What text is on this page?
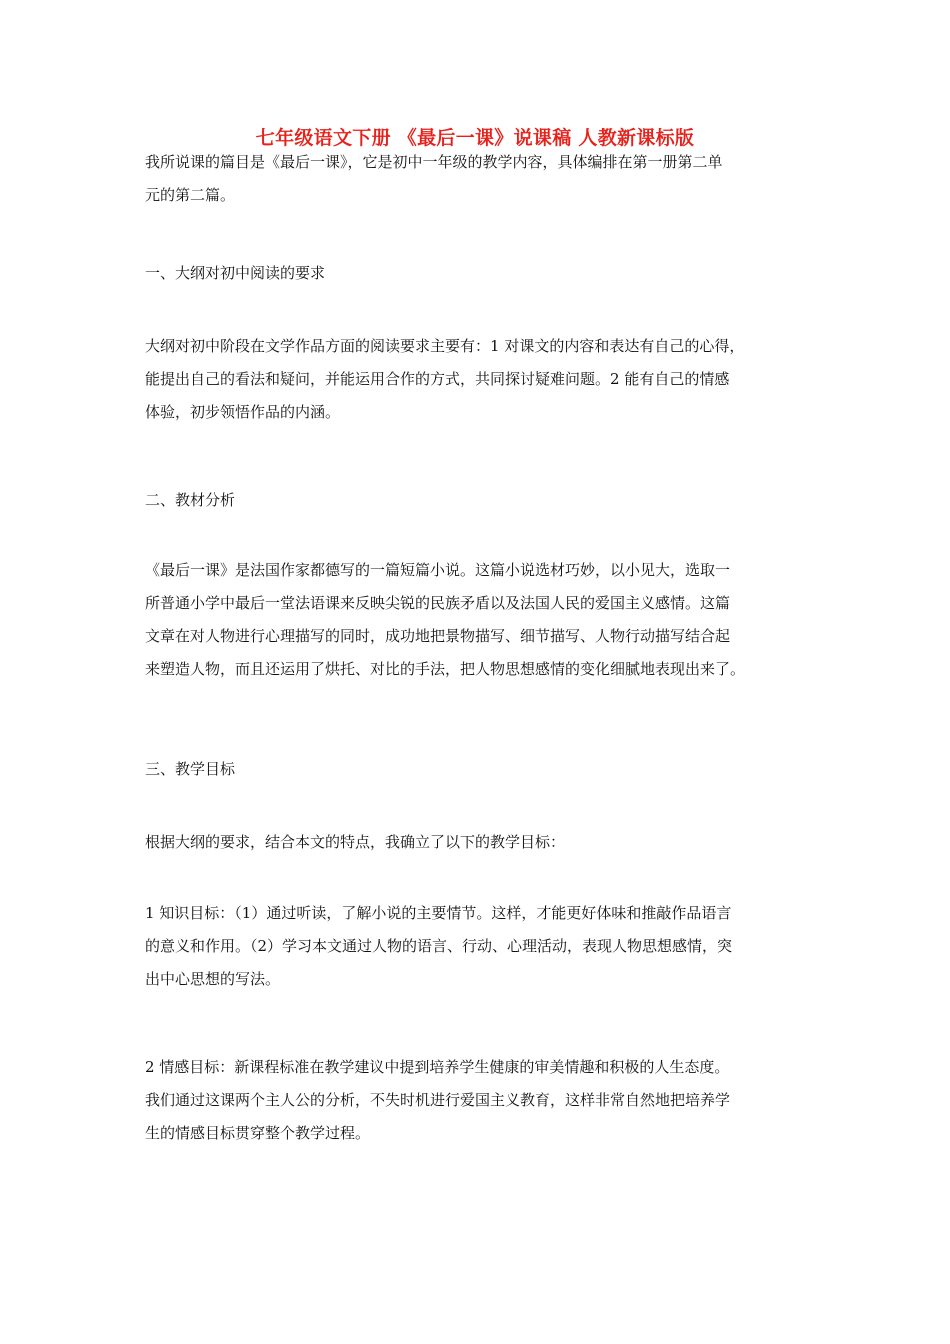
七年级语文下册 《最后一课》说课稿 人教新课标版
我所说课的篇目是《最后一课》，它是初中一年级的教学内容，具体编排在第一册第二单
元的第二篇。
一、大纲对初中阅读的要求
大纲对初中阶段在文学作品方面的阅读要求主要有：1 对课文的内容和表达有自己的心得，
能提出自己的看法和疑问，并能运用合作的方式，共同探讨疑难问题。2 能有自己的情感
体验，初步领悟作品的内涵。
二、教材分析
《最后一课》是法国作家都德写的一篇短篇小说。这篇小说选材巧妙，以小见大，选取一
所普通小学中最后一堂法语课来反映尖锐的民族矛盾以及法国人民的爱国主义感情。这篇
文章在对人物进行心理描写的同时，成功地把景物描写、细节描写、人物行动描写结合起
来塑造人物，而且还运用了烘托、对比的手法，把人物思想感情的变化细腻地表现出来了。
三、教学目标
根据大纲的要求，结合本文的特点，我确立了以下的教学目标：
1 知识目标：（1）通过听读，了解小说的主要情节。这样，才能更好体味和推敲作品语言
的意义和作用。（2）学习本文通过人物的语言、行动、心理活动，表现人物思想感情，突
出中心思想的写法。
2 情感目标：新课程标准在教学建议中提到培养学生健康的审美情趣和积极的人生态度。
我们通过这课两个主人公的分析，不失时机进行爱国主义教育，这样非常自然地把培养学
生的情感目标贯穿整个教学过程。
